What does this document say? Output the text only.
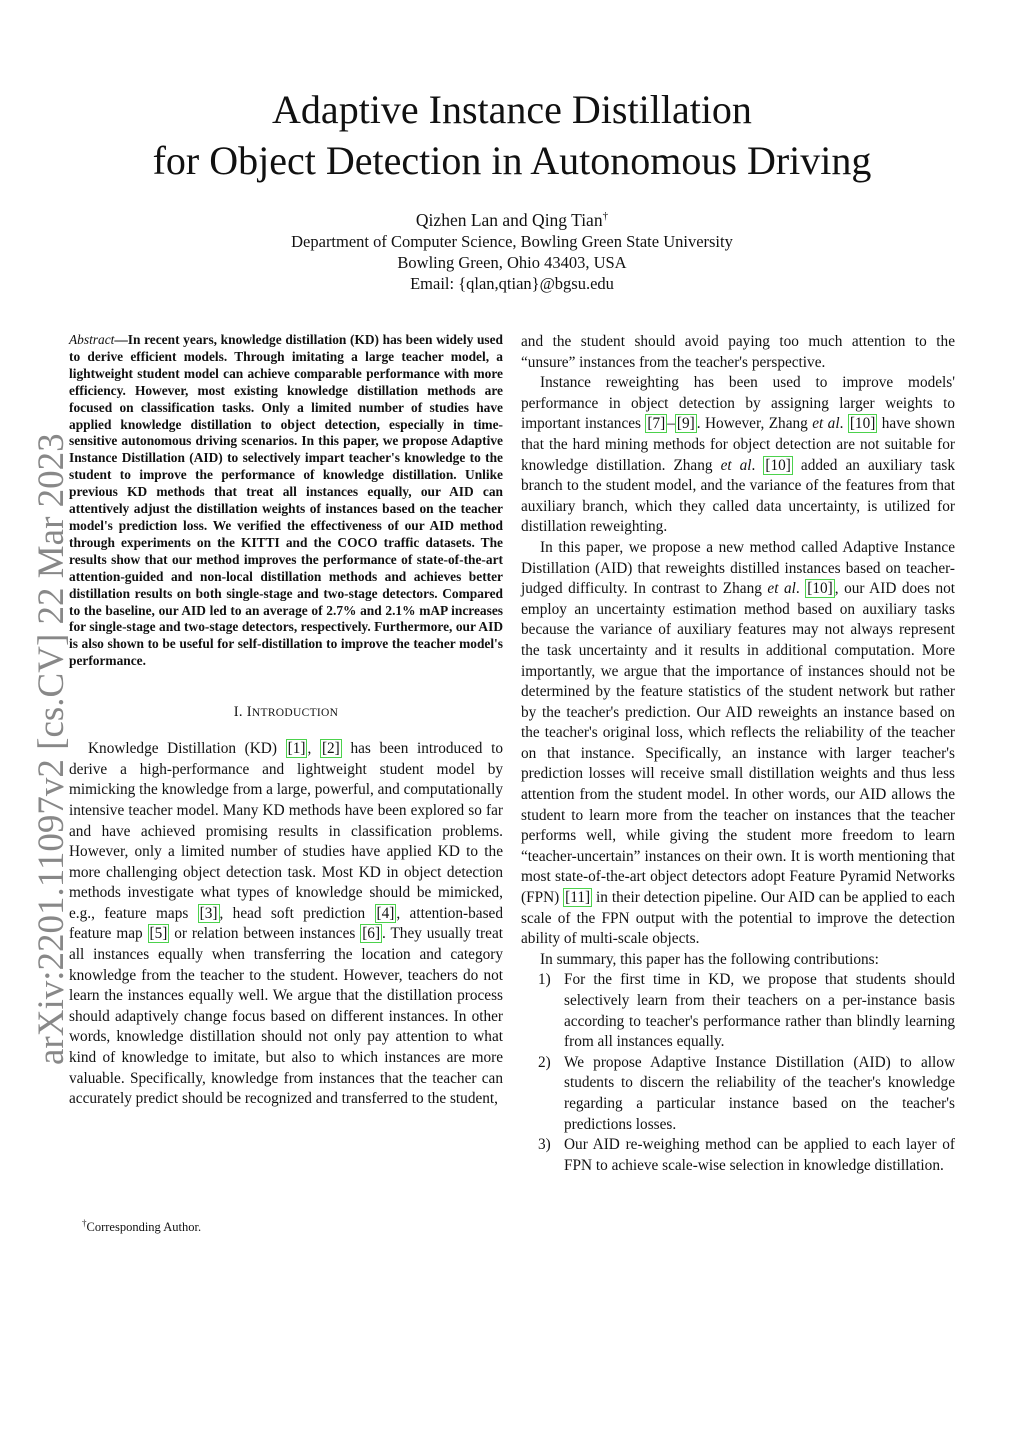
arXiv:2201.11097v2 [cs.CV] 22 Mar 2023
Adaptive Instance Distillation
for Object Detection in Autonomous Driving
Qizhen Lan and Qing Tian†
Department of Computer Science, Bowling Green State University
Bowling Green, Ohio 43403, USA
Email: {qlan,qtian}@bgsu.edu

Abstract—In recent years, knowledge distillation (KD) has been widely used to derive efficient models. Through imitating a large teacher model, a lightweight student model can achieve comparable performance with more efficiency. However, most existing knowledge distillation methods are focused on classification tasks. Only a limited number of studies have applied knowledge distillation to object detection, especially in time-sensitive autonomous driving scenarios. In this paper, we propose Adaptive Instance Distillation (AID) to selectively impart teacher's knowledge to the student to improve the performance of knowledge distillation. Unlike previous KD methods that treat all instances equally, our AID can attentively adjust the distillation weights of instances based on the teacher model's prediction loss. We verified the effectiveness of our AID method through experiments on the KITTI and the COCO traffic datasets. The results show that our method improves the performance of state-of-the-art attention-guided and non-local distillation methods and achieves better distillation results on both single-stage and two-stage detectors. Compared to the baseline, our AID led to an average of 2.7% and 2.1% mAP increases for single-stage and two-stage detectors, respectively. Furthermore, our AID is also shown to be useful for self-distillation to improve the teacher model's performance.

I. INTRODUCTION

Knowledge Distillation (KD) [1] , [2] has been introduced to derive a high-performance and lightweight student model by mimicking the knowledge from a large, powerful, and computationally intensive teacher model. Many KD methods have been explored so far and have achieved promising results in classification problems. However, only a limited number of studies have applied KD to the more challenging object detection task. Most KD in object detection methods investigate what types of knowledge should be mimicked, e.g., feature maps [3] , head soft prediction [4] , attention-based feature map [5] or relation between instances [6] . They usually treat all instances equally when transferring the location and category knowledge from the teacher to the student. However, teachers do not learn the instances equally well. We argue that the distillation process should adaptively change focus based on different instances. In other words, knowledge distillation should not only pay attention to what kind of knowledge to imitate, but also to which instances are more valuable. Specifically, knowledge from instances that the teacher can accurately predict should be recognized and transferred to the student,

†Corresponding Author.

and the student should avoid paying too much attention to the “unsure” instances from the teacher's perspective.

Instance reweighting has been used to improve models' performance in object detection by assigning larger weights to important instances [7] – [9] . However, Zhang et al. [10] have shown that the hard mining methods for object detection are not suitable for knowledge distillation. Zhang et al. [10] added an auxiliary task branch to the student model, and the variance of the features from that auxiliary branch, which they called data uncertainty, is utilized for distillation reweighting.

In this paper, we propose a new method called Adaptive Instance Distillation (AID) that reweights distilled instances based on teacher-judged difficulty. In contrast to Zhang et al. [10] , our AID does not employ an uncertainty estimation method based on auxiliary tasks because the variance of auxiliary features may not always represent the task uncertainty and it results in additional computation. More importantly, we argue that the importance of instances should not be determined by the feature statistics of the student network but rather by the teacher's prediction. Our AID reweights an instance based on the teacher's original loss, which reflects the reliability of the teacher on that instance. Specifically, an instance with larger teacher's prediction losses will receive small distillation weights and thus less attention from the student model. In other words, our AID allows the student to learn more from the teacher on instances that the teacher performs well, while giving the student more freedom to learn “teacher-uncertain” instances on their own. It is worth mentioning that most state-of-the-art object detectors adopt Feature Pyramid Networks (FPN) [11] in their detection pipeline. Our AID can be applied to each scale of the FPN output with the potential to improve the detection ability of multi-scale objects.

In summary, this paper has the following contributions:

1) For the first time in KD, we propose that students should selectively learn from their teachers on a per-instance basis according to teacher's performance rather than blindly learning from all instances equally.
2) We propose Adaptive Instance Distillation (AID) to allow students to discern the reliability of the teacher's knowledge regarding a particular instance based on the teacher's predictions losses.
3) Our AID re-weighing method can be applied to each layer of FPN to achieve scale-wise selection in knowledge distillation.
